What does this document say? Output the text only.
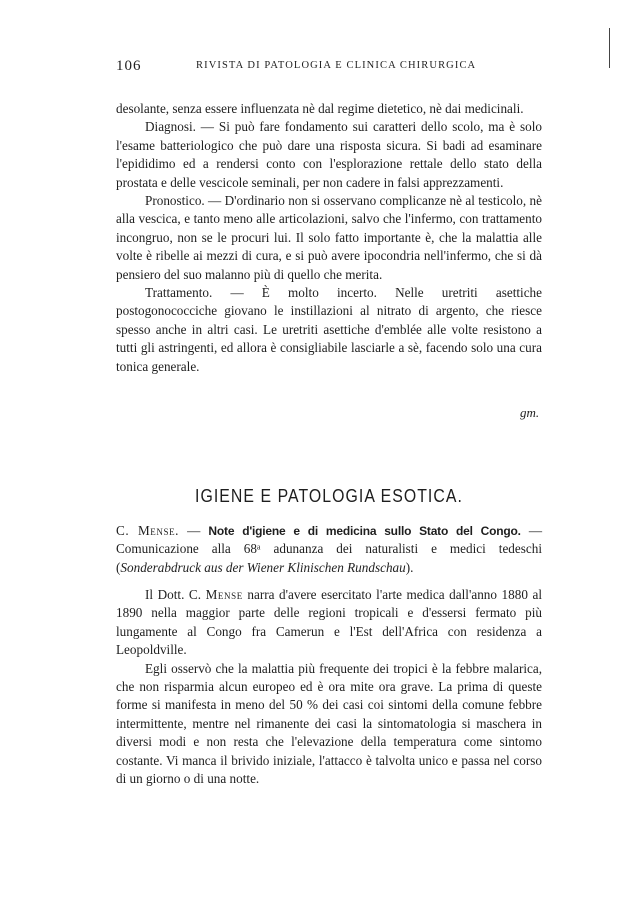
106	RIVISTA DI PATOLOGIA E CLINICA CHIRURGICA

desolante, senza essere influenzata nè dal regime dietetico, nè dai medicinali.

Diagnosi. — Si può fare fondamento sui caratteri dello scolo, ma è solo l'esame batteriologico che può dare una risposta sicura. Si badi ad esaminare l'epididimo ed a rendersi conto con l'esplorazione rettale dello stato della prostata e delle vescicole seminali, per non cadere in falsi apprezzamenti.

Pronostico. — D'ordinario non si osservano complicanze nè al testicolo, nè alla vescica, e tanto meno alle articolazioni, salvo che l'infermo, con trattamento incongruo, non se le procuri lui. Il solo fatto importante è, che la malattia alle volte è ribelle ai mezzi di cura, e si può avere ipocondria nell'infermo, che si dà pensiero del suo malanno più di quello che merita.

Trattamento. — È molto incerto. Nelle uretriti asettiche postogonococciche giovano le instillazioni al nitrato di argento, che riesce spesso anche in altri casi. Le uretriti asettiche d'emblée alle volte resistono a tutti gli astringenti, ed allora è consigliabile lasciarle a sè, facendo solo una cura tonica generale.

gm.
IGIENE E PATOLOGIA ESOTICA.

C. Mense. — Note d'igiene e di medicina sullo Stato del Congo. — Comunicazione alla 68ᵃ adunanza dei naturalisti e medici tedeschi (Sonderabdruck aus der Wiener Klinischen Rundschau).

Il Dott. C. Mense narra d'avere esercitato l'arte medica dall'anno 1880 al 1890 nella maggior parte delle regioni tropicali e d'essersi fermato più lungamente al Congo fra Camerun e l'Est dell'Africa con residenza a Leopoldville.

Egli osservò che la malattia più frequente dei tropici è la febbre malarica, che non risparmia alcun europeo ed è ora mite ora grave. La prima di queste forme si manifesta in meno del 50 % dei casi coi sintomi della comune febbre intermittente, mentre nel rimanente dei casi la sintomatologia si maschera in diversi modi e non resta che l'elevazione della temperatura come sintomo costante. Vi manca il brivido iniziale, l'attacco è talvolta unico e passa nel corso di un giorno o di una notte.
